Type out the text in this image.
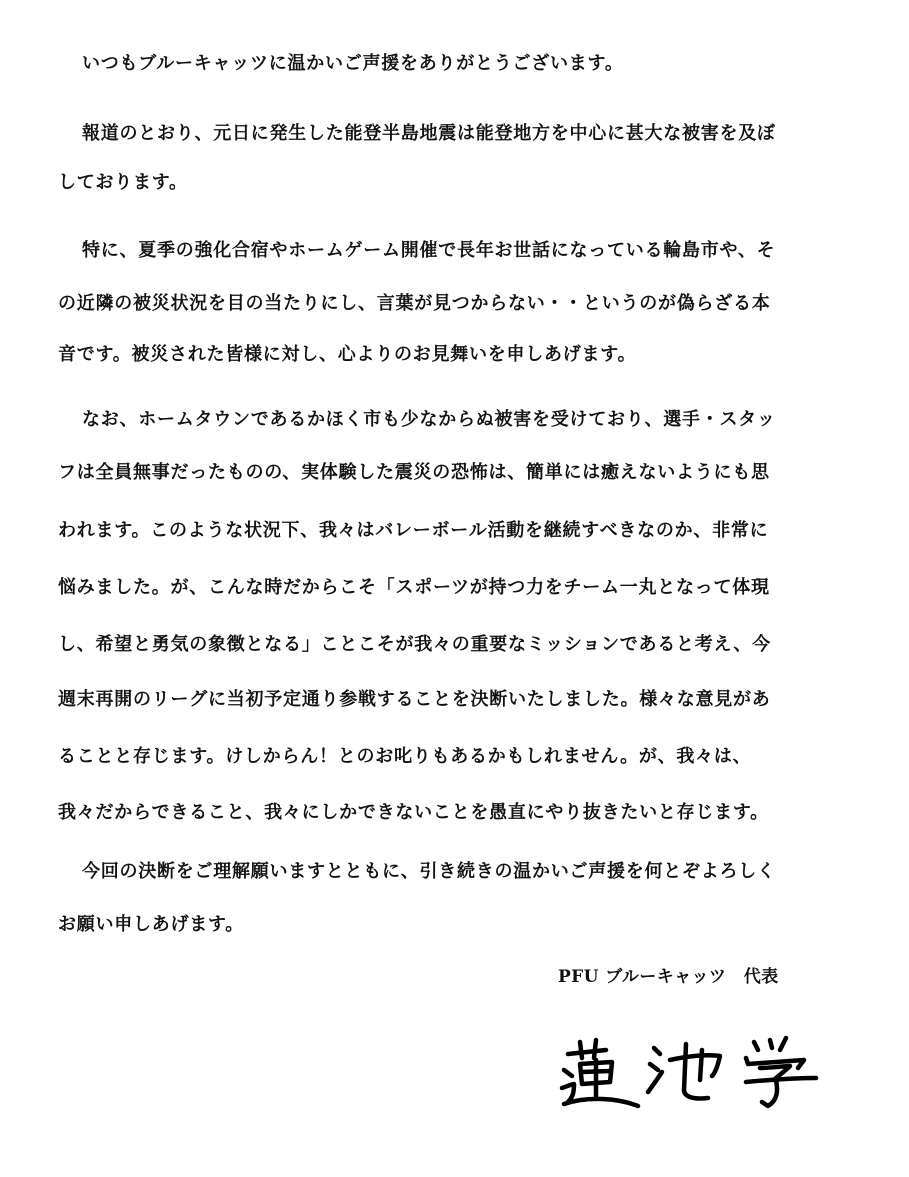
いつもブルーキャッツに温かいご声援をありがとうございます。
報道のとおり、元日に発生した能登半島地震は能登地方を中心に甚大な被害を及ぼ
しております。
特に、夏季の強化合宿やホームゲーム開催で長年お世話になっている輪島市や、そ
の近隣の被災状況を目の当たりにし、言葉が見つからない・・というのが偽らざる本
音です。被災された皆様に対し、心よりのお見舞いを申しあげます。
なお、ホームタウンであるかほく市も少なからぬ被害を受けており、選手・スタッ
フは全員無事だったものの、実体験した震災の恐怖は、簡単には癒えないようにも思
われます。このような状況下、我々はバレーボール活動を継続すべきなのか、非常に
悩みました。が、こんな時だからこそ「スポーツが持つ力をチーム一丸となって体現
し、希望と勇気の象徴となる」ことこそが我々の重要なミッションであると考え、今
週末再開のリーグに当初予定通り参戦することを決断いたしました。様々な意見があ
ることと存じます。けしからん！とのお叱りもあるかもしれません。が、我々は、
我々だからできること、我々にしかできないことを愚直にやり抜きたいと存じます。
今回の決断をご理解願いますとともに、引き続きの温かいご声援を何とぞよろしく
お願い申しあげます。
PFU ブルーキャッツ　代表
